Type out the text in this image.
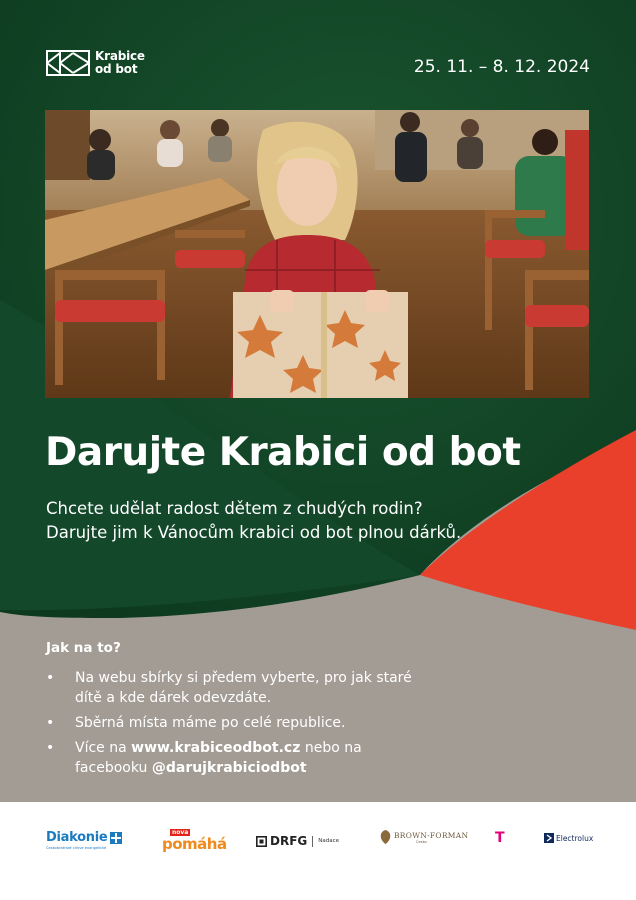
Krabice
od bot	25. 11. – 8. 12. 2024
Darujte Krabici od bot

Chcete udělat radost dětem z chudých rodin? Darujte jim k Vánocům krabici od bot plnou dárků.

Jak na to?
• Na webu sbírky si předem vyberte, pro jak staré dítě a kde dárek odevzdáte.
• Sběrná místa máme po celé republice.
• Více na www.krabiceodbot.cz nebo na facebooku @darujkrabiciodbot
Diakonie
Českobratrské církve evangelické
nova
pomáhá	DRFG Nadace
BROWN-FORMAN
Česko	T	Electrolux
